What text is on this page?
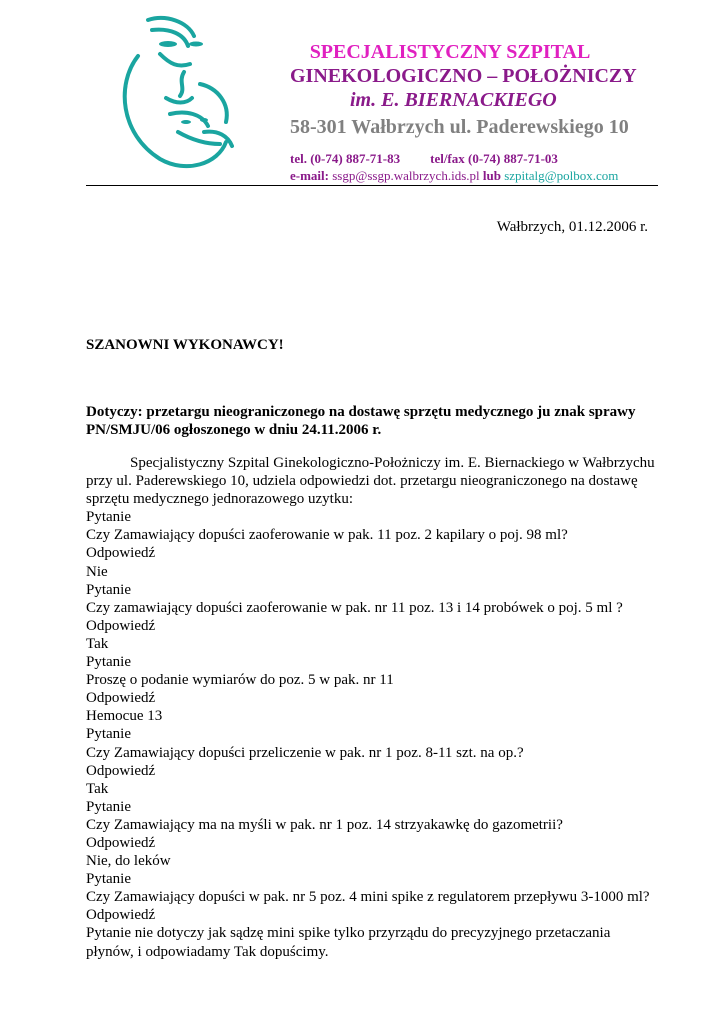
SPECJALISTYCZNY SZPITAL
GINEKOLOGICZNO – POŁOŻNICZY
im. E. BIERNACKIEGO
58-301 Wałbrzych ul. Paderewskiego 10
tel. (0-74) 887-71-83 tel/fax (0-74) 887-71-03
e-mail: ssgp@ssgp.walbrzych.ids.pl lub szpitalg@polbox.com
Wałbrzych, 01.12.2006 r.
SZANOWNI WYKONAWCY!
Dotyczy: przetargu nieograniczonego na dostawę sprzętu medycznego ju znak sprawy PN/SMJU/06 ogłoszonego w dniu 24.11.2006 r.

Specjalistyczny Szpital Ginekologiczno-Położniczy im. E. Biernackiego w Wałbrzychu przy ul. Paderewskiego 10, udziela odpowiedzi dot. przetargu nieograniczonego na dostawę sprzętu medycznego jednorazowego uzytku:

Pytanie

Czy Zamawiający dopuści zaoferowanie w pak. 11 poz. 2 kapilary o poj. 98 ml?

Odpowiedź

Nie

Pytanie

Czy zamawiający dopuści zaoferowanie w pak. nr 11 poz. 13 i 14 probówek o poj. 5 ml ?

Odpowiedź

Tak

Pytanie

Proszę o podanie wymiarów do poz. 5 w pak. nr 11

Odpowiedź

Hemocue 13

Pytanie

Czy Zamawiający dopuści przeliczenie w pak. nr 1 poz. 8-11 szt. na op.?

Odpowiedź

Tak

Pytanie

Czy Zamawiający ma na myśli w pak. nr 1 poz. 14 strzyakawkę do gazometrii?

Odpowiedź

Nie, do leków

Pytanie

Czy Zamawiający dopuści w pak. nr 5 poz. 4 mini spike z regulatorem przepływu 3-1000 ml?

Odpowiedź

Pytanie nie dotyczy jak sądzę mini spike tylko przyrządu do precyzyjnego przetaczania płynów, i odpowiadamy Tak dopuścimy.
